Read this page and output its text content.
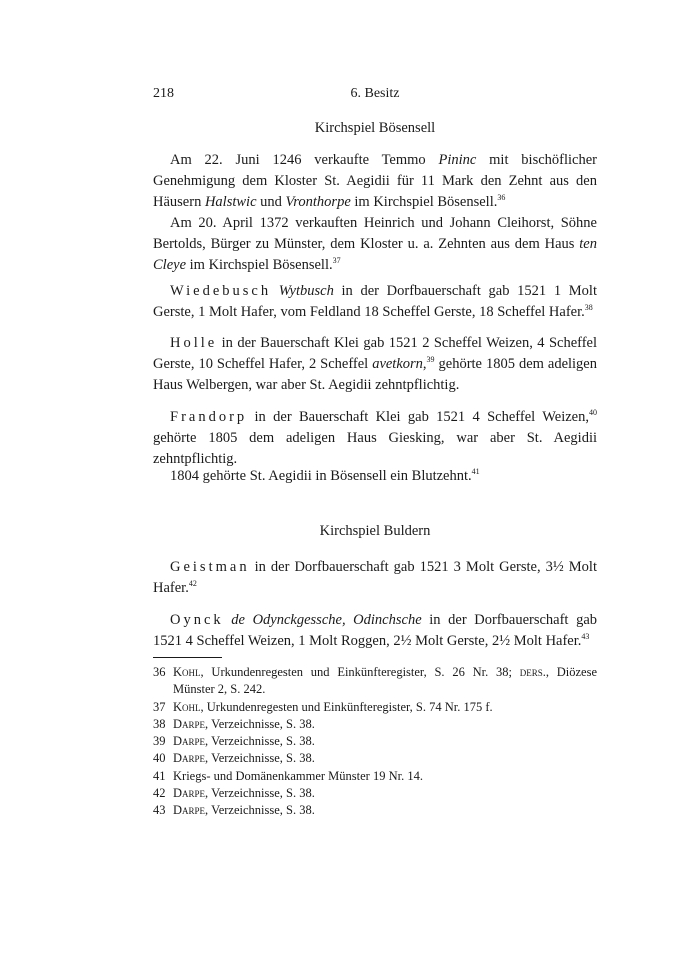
218	6. Besitz
Kirchspiel Bösensell

Am 22. Juni 1246 verkaufte Temmo Pininc mit bischöflicher Genehmigung dem Kloster St. Aegidii für 11 Mark den Zehnt aus den Häusern Halstwic und Vronthorpe im Kirchspiel Bösensell.$^{36}$

Am 20. April 1372 verkauften Heinrich und Johann Cleihorst, Söhne Bertolds, Bürger zu Münster, dem Kloster u. a. Zehnten aus dem Haus ten Cleye im Kirchspiel Bösensell.$^{37}$

Wiedebusch Wytbusch in der Dorfbauerschaft gab 1521 1 Molt Gerste, 1 Molt Hafer, vom Feldland 18 Scheffel Gerste, 18 Scheffel Hafer.$^{38}$

Holle in der Bauerschaft Klei gab 1521 2 Scheffel Weizen, 4 Scheffel Gerste, 10 Scheffel Hafer, 2 Scheffel avetkorn,$^{39}$ gehörte 1805 dem adeligen Haus Welbergen, war aber St. Aegidii zehntpflichtig.

Frandorp in der Bauerschaft Klei gab 1521 4 Scheffel Weizen,$^{40}$ gehörte 1805 dem adeligen Haus Giesking, war aber St. Aegidii zehntpflichtig.

1804 gehörte St. Aegidii in Bösensell ein Blutzehnt.$^{41}$

Kirchspiel Buldern

Geistman in der Dorfbauerschaft gab 1521 3 Molt Gerste, 3½ Molt Hafer.$^{42}$

Oynck de Odynckgessche, Odinchsche in der Dorfbauerschaft gab 1521 4 Scheffel Weizen, 1 Molt Roggen, 2½ Molt Gerste, 2½ Molt Hafer.$^{43}$

36 Kohl, Urkundenregesten und Einkünfteregister, S. 26 Nr. 38; ders., Diözese Münster 2, S. 242.
37 Kohl, Urkundenregesten und Einkünfteregister, S. 74 Nr. 175 f.
38 Darpe, Verzeichnisse, S. 38.
39 Darpe, Verzeichnisse, S. 38.
40 Darpe, Verzeichnisse, S. 38.
41 Kriegs- und Domänenkammer Münster 19 Nr. 14.
42 Darpe, Verzeichnisse, S. 38.
43 Darpe, Verzeichnisse, S. 38.
